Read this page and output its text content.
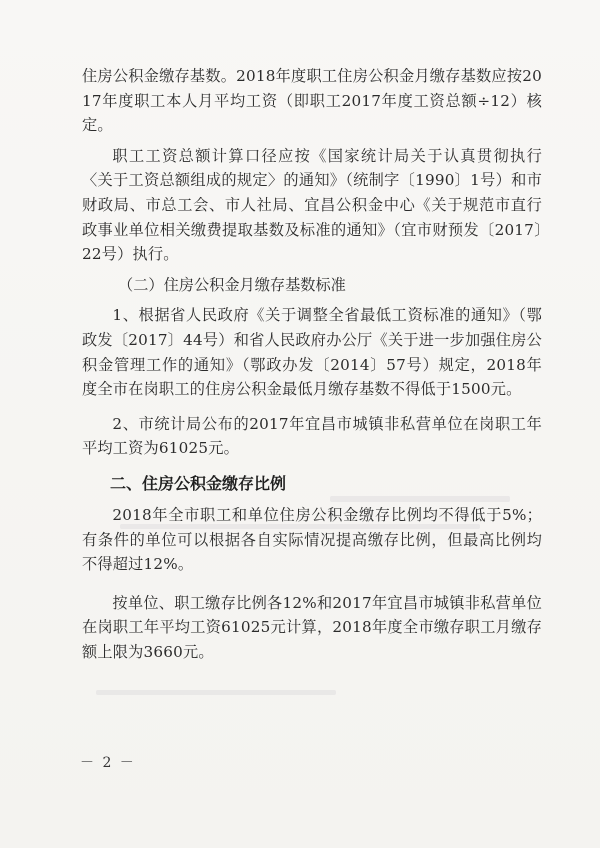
住房公积金缴存基数。2018年度职工住房公积金月缴存基数应按2017年度职工本人月平均工资（即职工2017年度工资总额÷12）核定。

职工工资总额计算口径应按《国家统计局关于认真贯彻执行〈关于工资总额组成的规定〉的通知》（统制字〔1990〕1号）和市财政局、市总工会、市人社局、宜昌公积金中心《关于规范市直行政事业单位相关缴费提取基数及标准的通知》（宜市财预发〔2017〕22号）执行。

（二）住房公积金月缴存基数标准

1、根据省人民政府《关于调整全省最低工资标准的通知》（鄂政发〔2017〕44号）和省人民政府办公厅《关于进一步加强住房公积金管理工作的通知》（鄂政办发〔2014〕57号）规定，2018年度全市在岗职工的住房公积金最低月缴存基数不得低于1500元。

2、市统计局公布的2017年宜昌市城镇非私营单位在岗职工年平均工资为61025元。

二、住房公积金缴存比例

2018年全市职工和单位住房公积金缴存比例均不得低于5%；有条件的单位可以根据各自实际情况提高缴存比例，但最高比例均不得超过12%。

按单位、职工缴存比例各12%和2017年宜昌市城镇非私营单位在岗职工年平均工资61025元计算，2018年度全市缴存职工月缴存额上限为3660元。

－ 2 －
